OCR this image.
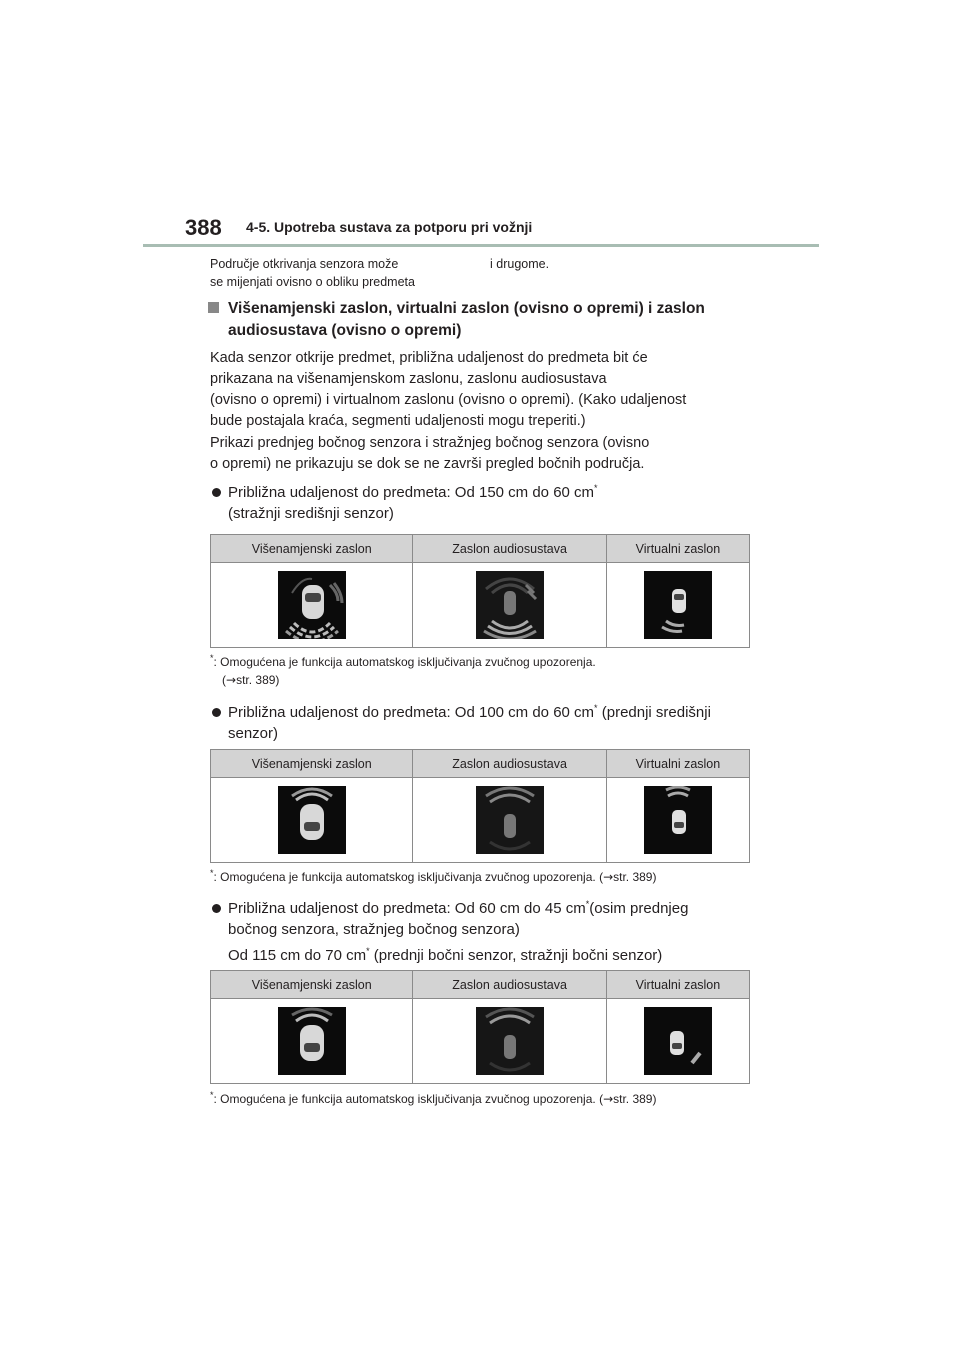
388 4-5. Upotreba sustava za potporu pri vožnji
Područje otkrivanja senzora može
se mijenjati ovisno o obliku predmeta
i drugome.
Višenamjenski zaslon, virtualni zaslon (ovisno o opremi) i zaslon
audiosustava (ovisno o opremi)
Kada senzor otkrije predmet, približna udaljenost do predmeta bit će
prikazana na višenamjenskom zaslonu, zaslonu audiosustava
(ovisno o opremi) i virtualnom zaslonu (ovisno o opremi). (Kako udaljenost
bude postajala kraća, segmenti udaljenosti mogu treperiti.)
Prikazi prednjeg bočnog senzora i stražnjeg bočnog senzora (ovisno
o opremi) ne prikazuju se dok se ne završi pregled bočnih područja.
Približna udaljenost do predmeta: Od 150 cm do 60 cm*
(stražnji središnji senzor)
Višenamjenski zaslon	Zaslon audiosustava	Virtualni zaslon

*: Omogućena je funkcija automatskog isključivanja zvučnog upozorenja.
(→str. 389)
Približna udaljenost do predmeta: Od 100 cm do 60 cm* (prednji središnji
senzor)
Višenamjenski zaslon	Zaslon audiosustava	Virtualni zaslon

*: Omogućena je funkcija automatskog isključivanja zvučnog upozorenja. (→str. 389)
Približna udaljenost do predmeta: Od 60 cm do 45 cm*(osim prednjeg
bočnog senzora, stražnjeg bočnog senzora)
Od 115 cm do 70 cm* (prednji bočni senzor, stražnji bočni senzor)
Višenamjenski zaslon	Zaslon audiosustava	Virtualni zaslon

*: Omogućena je funkcija automatskog isključivanja zvučnog upozorenja. (→str. 389)
